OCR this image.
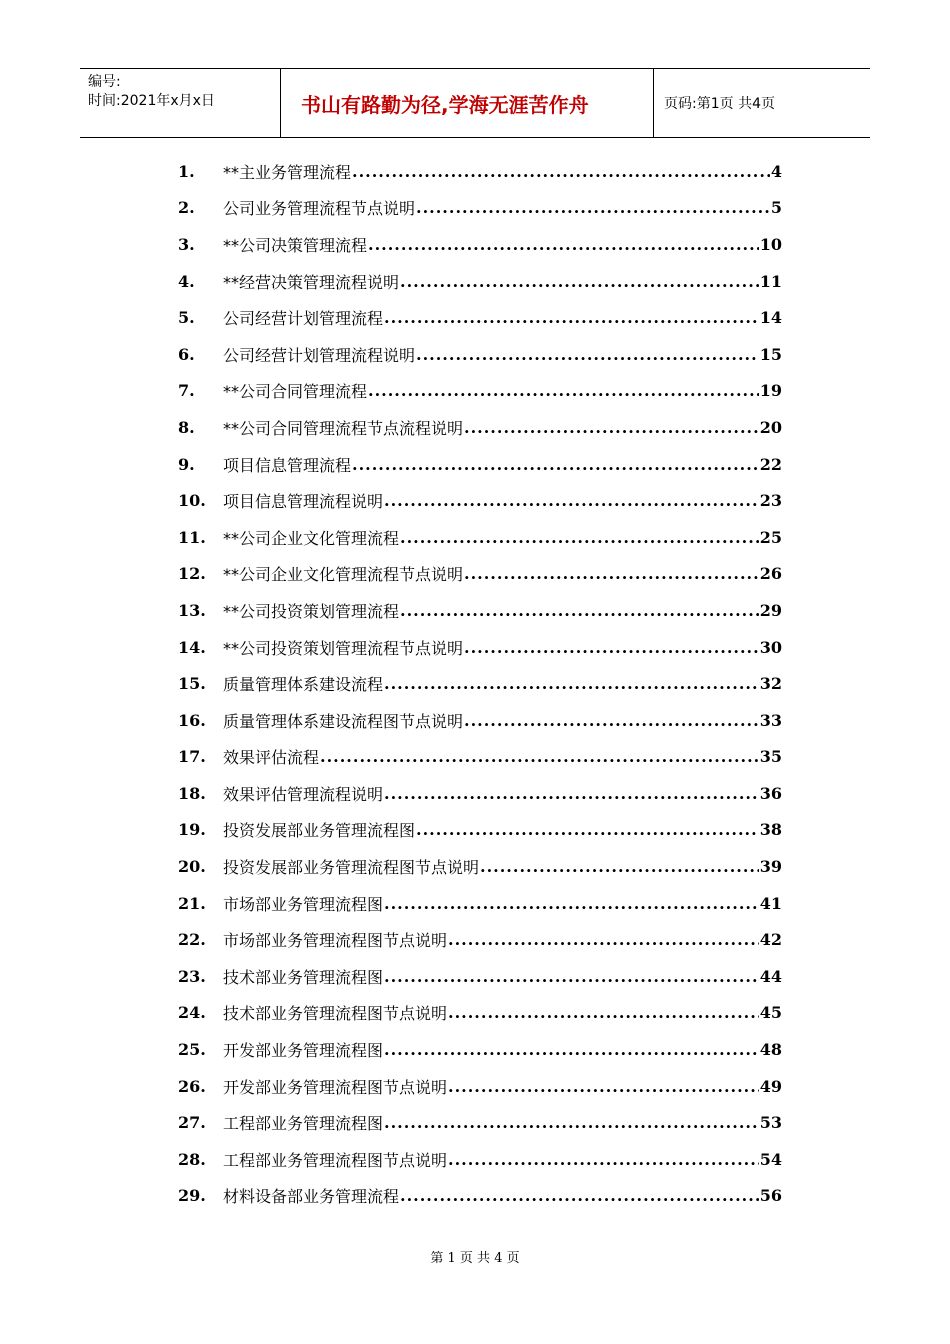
编号:
时间:2021年x月x日	书山有路勤为径,学海无涯苦作舟	页码:第1页 共4页
1.	**主业务管理流程 .....	4
2.	公司业务管理流程节点说明 .....	5
3.	**公司决策管理流程 .....	10
4.	**经营决策管理流程说明 .....	11
5.	公司经营计划管理流程 .....	14
6.	公司经营计划管理流程说明 .....	15
7.	**公司合同管理流程 .....	19
8.	**公司合同管理流程节点流程说明 .....	20
9.	项目信息管理流程 .....	22
10.	项目信息管理流程说明 .....	23
11.	**公司企业文化管理流程 .....	25
12.	**公司企业文化管理流程节点说明 .....	26
13.	**公司投资策划管理流程 .....	29
14.	**公司投资策划管理流程节点说明 .....	30
15.	质量管理体系建设流程 .....	32
16.	质量管理体系建设流程图节点说明 .....	33
17.	效果评估流程 .....	35
18.	效果评估管理流程说明 .....	36
19.	投资发展部业务管理流程图 .....	38
20.	投资发展部业务管理流程图节点说明 .....	39
21.	市场部业务管理流程图 .....	41
22.	市场部业务管理流程图节点说明 .....	42
23.	技术部业务管理流程图 .....	44
24.	技术部业务管理流程图节点说明 .....	45
25.	开发部业务管理流程图 .....	48
26.	开发部业务管理流程图节点说明 .....	49
27.	工程部业务管理流程图 .....	53
28.	工程部业务管理流程图节点说明 .....	54
29.	材料设备部业务管理流程 .....	56
第 1 页 共 4 页
